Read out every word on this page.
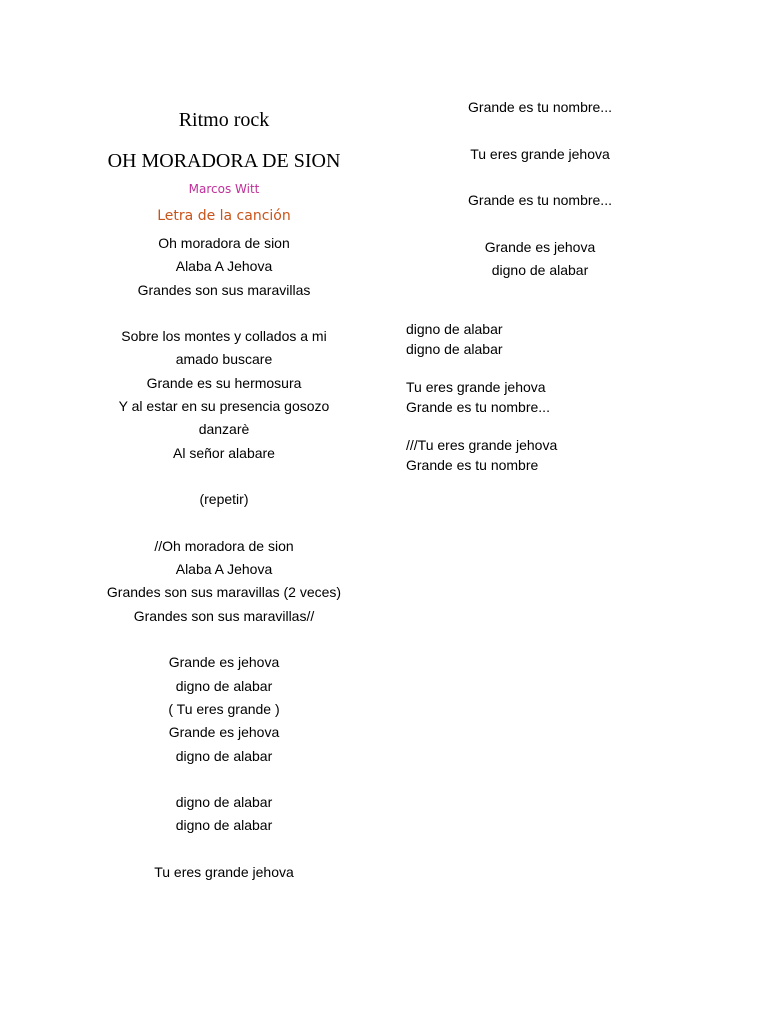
Ritmo rock
OH MORADORA DE SION
Marcos Witt
Letra de la canción
Oh moradora de sion
Alaba A Jehova
Grandes son sus maravillas
Sobre los montes y collados a mi
amado buscare
Grande es su hermosura
Y al estar en su presencia gosozo
danzarè
Al señor alabare
(repetir)
//Oh moradora de sion
Alaba A Jehova
Grandes son sus maravillas (2 veces)
Grandes son sus maravillas//
Grande es jehova
digno de alabar
( Tu eres grande )
Grande es jehova
digno de alabar
digno de alabar
digno de alabar
Tu eres grande jehova
Grande es tu nombre...
Tu eres grande jehova
Grande es tu nombre...
Grande es jehova
digno de alabar
digno de alabar
digno de alabar
Tu eres grande jehova
Grande es tu nombre...
///Tu eres grande jehova
Grande es tu nombre
